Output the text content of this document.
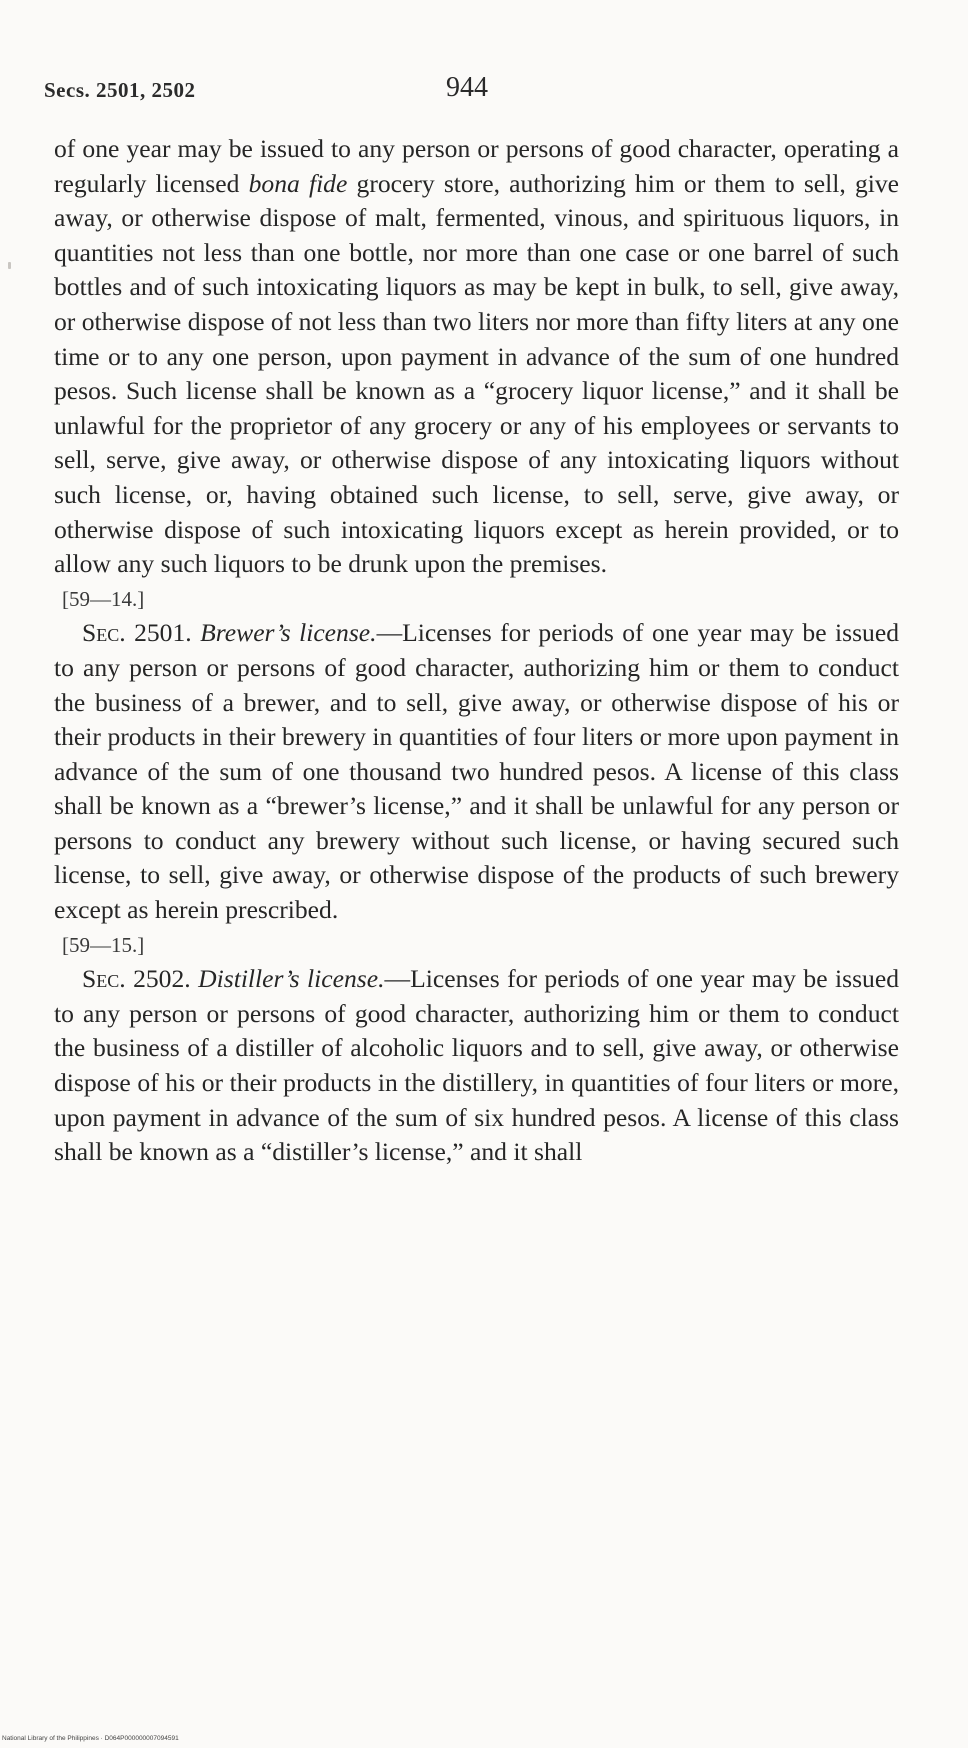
Secs. 2501, 2502	944

of one year may be issued to any person or persons of good character, operating a regularly licensed bona fide grocery store, authorizing him or them to sell, give away, or otherwise dispose of malt, fermented, vinous, and spirituous liquors, in quantities not less than one bottle, nor more than one case or one barrel of such bottles and of such intoxicating liquors as may be kept in bulk, to sell, give away, or otherwise dispose of not less than two liters nor more than fifty liters at any one time or to any one person, upon payment in advance of the sum of one hundred pesos. Such license shall be known as a “grocery liquor license,” and it shall be unlawful for the proprietor of any grocery or any of his employees or servants to sell, serve, give away, or otherwise dispose of any intoxicating liquors without such license, or, having obtained such license, to sell, serve, give away, or otherwise dispose of such intoxicating liquors except as herein provided, or to allow any such liquors to be drunk upon the premises.

[59—14.]

Sec. 2501. Brewer’s license.—Licenses for periods of one year may be issued to any person or persons of good character, authorizing him or them to conduct the business of a brewer, and to sell, give away, or otherwise dispose of his or their products in their brewery in quantities of four liters or more upon payment in advance of the sum of one thousand two hundred pesos. A license of this class shall be known as a “brewer’s license,” and it shall be unlawful for any person or persons to conduct any brewery without such license, or having secured such license, to sell, give away, or otherwise dispose of the products of such brewery except as herein prescribed.

[59—15.]

Sec. 2502. Distiller’s license.—Licenses for periods of one year may be issued to any person or persons of good character, authorizing him or them to conduct the business of a distiller of alcoholic liquors and to sell, give away, or otherwise dispose of his or their products in the distillery, in quantities of four liters or more, upon payment in advance of the sum of six hundred pesos. A license of this class shall be known as a “distiller’s license,” and it shall

National Library of the Philippines · D064P000000007094591
